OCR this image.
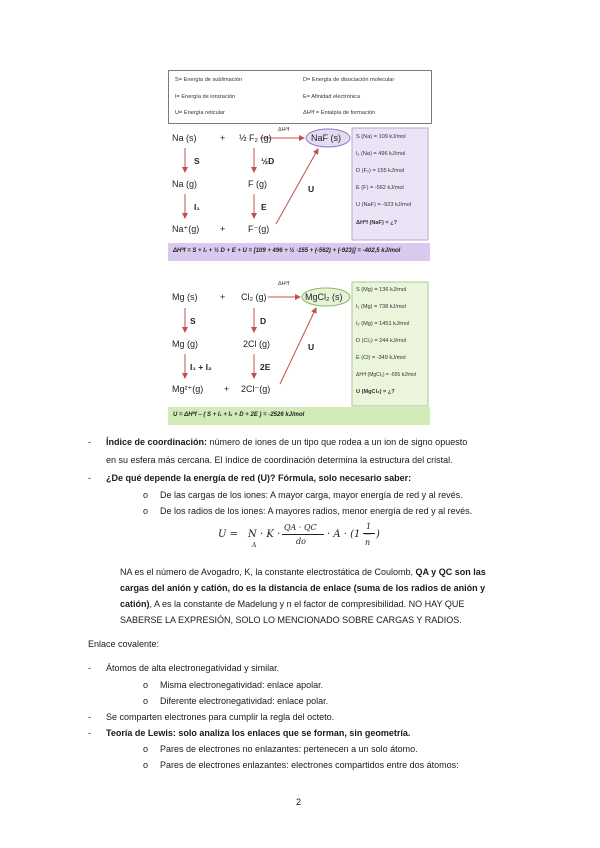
S= Energía de sublimación	D= Energía de disociación molecular
I= Energía de ionización	E= Afinidad electrónica
U= Energía reticular	ΔHºf = Entalpía de formación
Na (s)	+ ½ F₂ (g)
ΔHºf
NaF (s)
S	½D
Na (g)	F (g)
I₁	E
U
Na⁺(g) +	F⁻(g)
S (Na) = 109 kJ/mol
I₁ (Na) = 496 kJ/mol
D (F₂) = 155 kJ/mol
E (F) = -562 kJ/mol
U (NaF) = -923 kJ/mol
ΔHºf (NaF) = ¿?
ΔHºf = S + I₁ + ½ D + E + U = [109 + 496 + ½ ·155 + (-562) + (-923)] = -402,5 kJ/mol
Mg (s)	+ Cl₂ (g)
ΔHºf
MgCl₂ (s)
S	D
Mg (g)	2Cl (g)
I₁ + I₂	2E
U
Mg²⁺(g) + 2Cl⁻(g)
S (Mg) = 136 kJ/mol
I₁ (Mg) = 738 kJ/mol
I₂ (Mg) = 1451 kJ/mol
D (Cl₂) = 244 kJ/mol
E (Cl) = -349 kJ/mol
ΔHºf (MgCl₂) = -655 kJ/mol
U (MgCl₂) = ¿?
U = ΔHºf – ( S + I₁ + I₂ + D + 2E ) = -2526 kJ/mol
- Índice de coordinación: número de iones de un tipo que rodea a un ion de signo opuesto
en su esfera más cercana. El índice de coordinación determina la estructura del cristal.
- ¿De qué depende la energía de red (U)? Fórmula, solo necesario saber:
o De las cargas de los iones: A mayor carga, mayor energía de red y al revés.
o De los radios de los iones: A mayores radios, menor energía de red y al revés.
U = N
A
· K ·
QA · QC
do
· A · (1 −
1
n
)
NA es el número de Avogadro, K, la constante electrostática de Coulomb, QA y QC son las
cargas del anión y catión, do es la distancia de enlace (suma de los radios de anión y
catión), A es la constante de Madelung y n el factor de compresibilidad. NO HAY QUE
SABERSE LA EXPRESIÓN, SOLO LO MENCIONADO SOBRE CARGAS Y RADIOS.
Enlace covalente:
- Átomos de alta electronegatividad y similar.
o Misma electronegatividad: enlace apolar.
o Diferente electronegatividad: enlace polar.
- Se comparten electrones para cumplir la regla del octeto.
- Teoría de Lewis: solo analiza los enlaces que se forman, sin geometría.
o Pares de electrones no enlazantes: pertenecen a un solo átomo.
o Pares de electrones enlazantes: electrones compartidos entre dos átomos:
2
